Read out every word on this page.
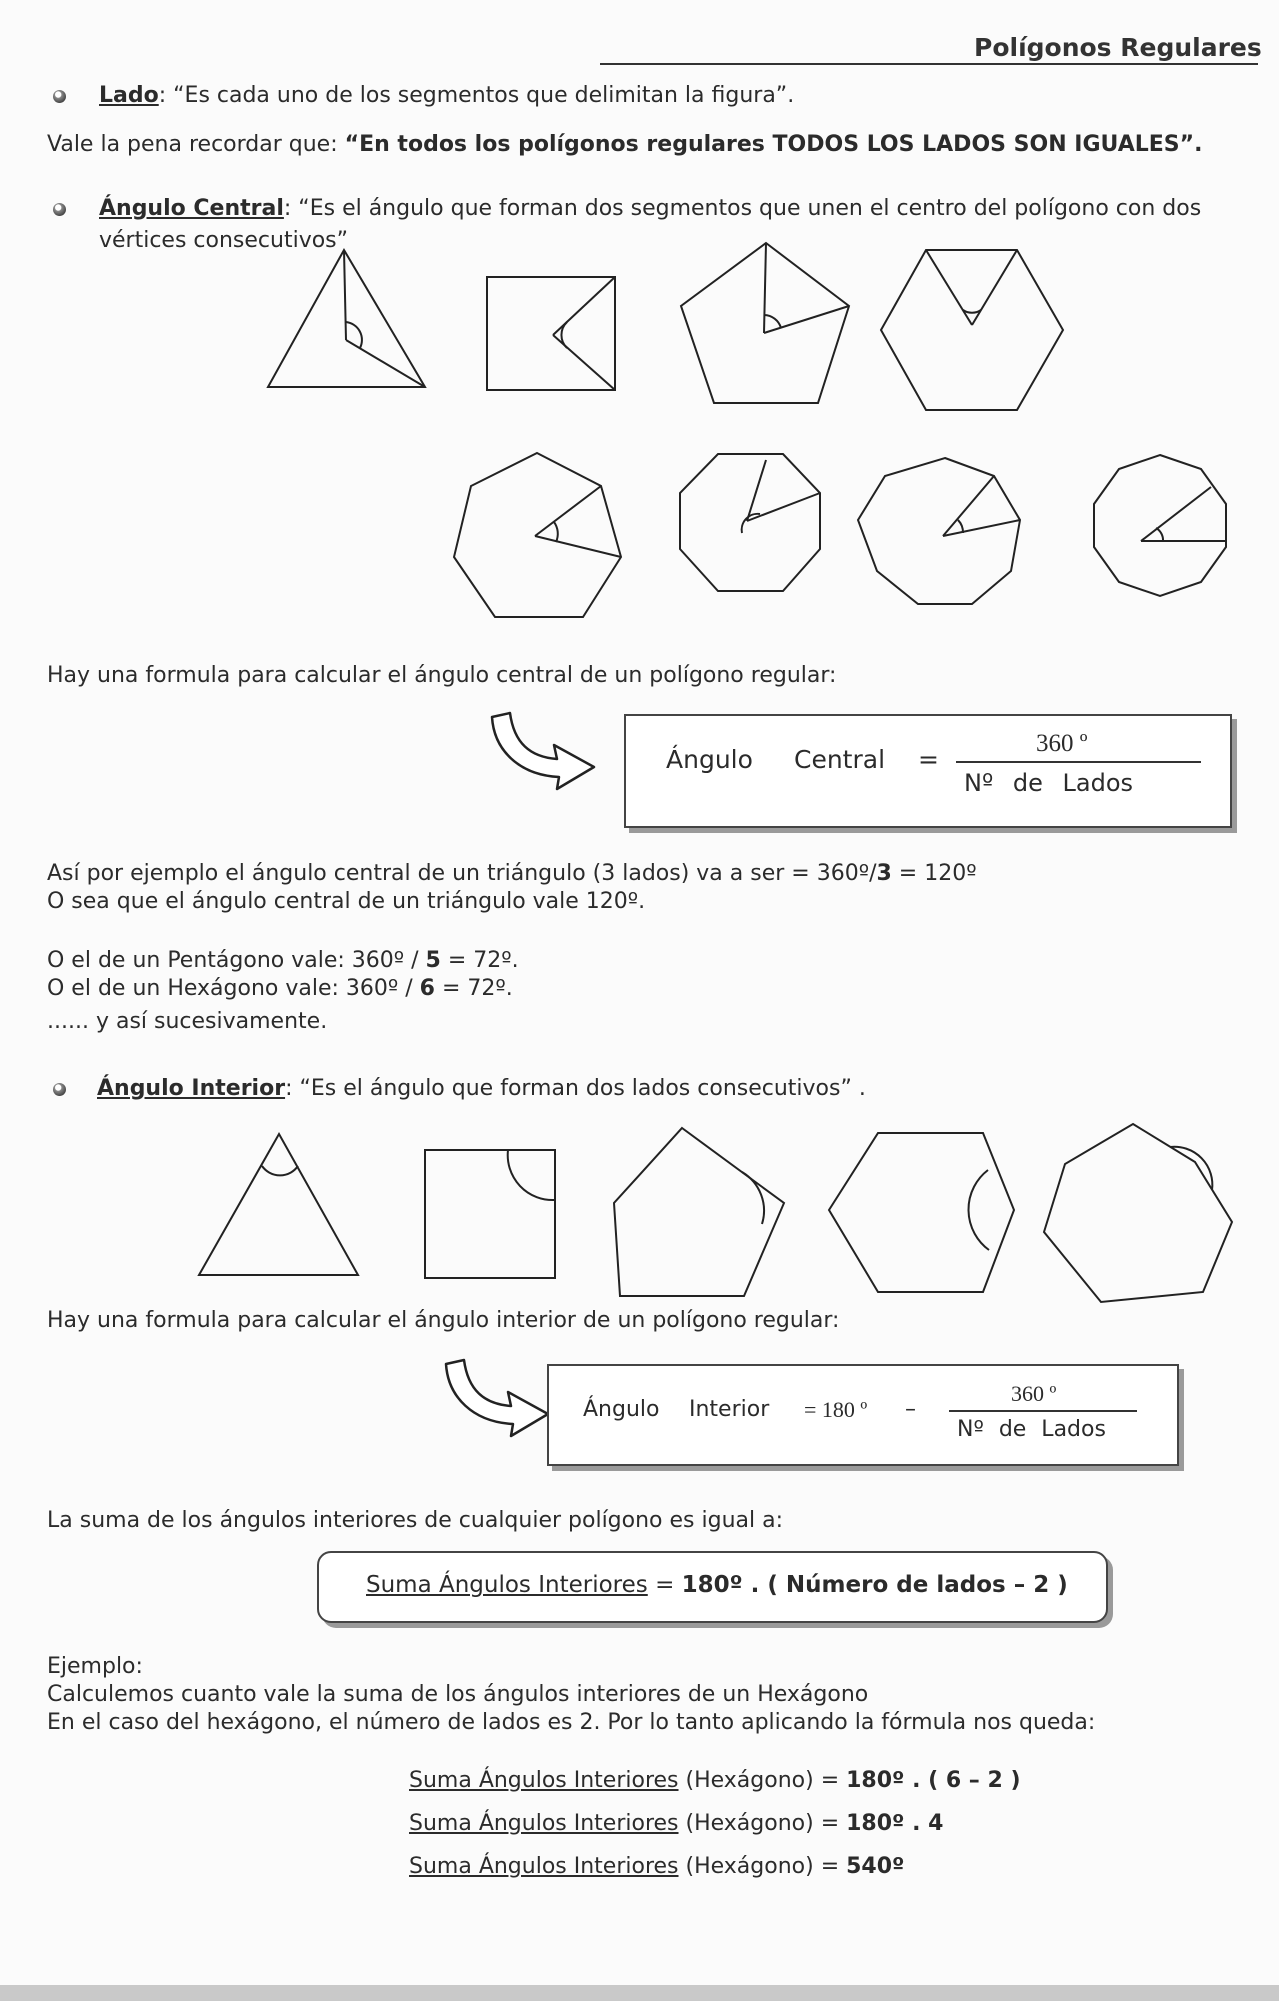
Polígonos Regulares
Lado: “Es cada uno de los segmentos que delimitan la figura”.
Vale la pena recordar que: “En todos los polígonos regulares TODOS LOS LADOS SON IGUALES”.
Ángulo Central: “Es el ángulo que forman dos segmentos que unen el centro del polígono con dos
vértices consecutivos”
Hay una formula para calcular el ángulo central de un polígono regular:
Ángulo Central =
360 º
Nº de Lados
Así por ejemplo el ángulo central de un triángulo (3 lados) va a ser = 360º/3 = 120º
O sea que el ángulo central de un triángulo vale 120º.
O el de un Pentágono vale: 360º / 5 = 72º.
O el de un Hexágono vale: 360º / 6 = 72º.
...... y así sucesivamente.
Ángulo Interior: “Es el ángulo que forman dos lados consecutivos” .
Hay una formula para calcular el ángulo interior de un polígono regular:
Ángulo Interior = 180 º –
360 º
Nº de Lados
La suma de los ángulos interiores de cualquier polígono es igual a:
Suma Ángulos Interiores = 180º . ( Número de lados – 2 )
Ejemplo:
Calculemos cuanto vale la suma de los ángulos interiores de un Hexágono
En el caso del hexágono, el número de lados es 2. Por lo tanto aplicando la fórmula nos queda:
Suma Ángulos Interiores (Hexágono) = 180º . ( 6 – 2 )
Suma Ángulos Interiores (Hexágono) = 180º . 4
Suma Ángulos Interiores (Hexágono) = 540º
